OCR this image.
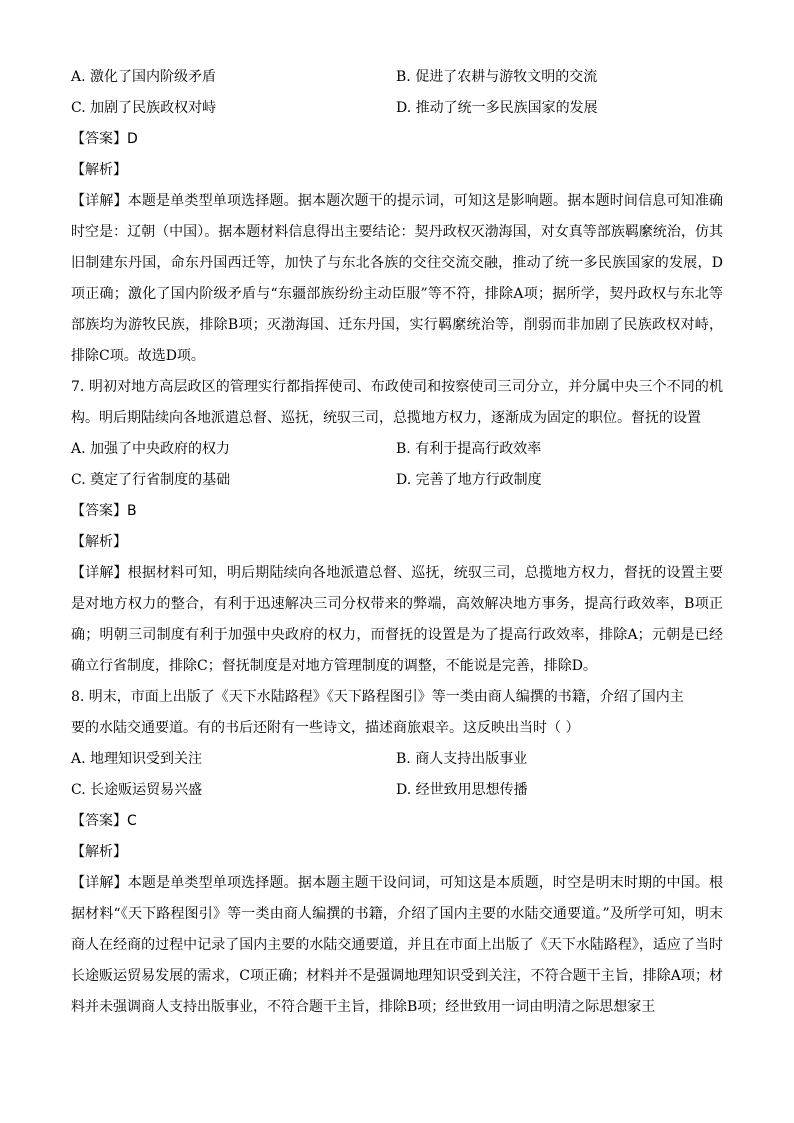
A. 激化了国内阶级矛盾	B. 促进了农耕与游牧文明的交流
C. 加剧了民族政权对峙	D. 推动了统一多民族国家的发展
【答案】D
【解析】
【详解】本题是单类型单项选择题。据本题次题干的提示词，可知这是影响题。据本题时间信息可知准确时空是：辽朝（中国）。据本题材料信息得出主要结论：契丹政权灭渤海国，对女真等部族羁縻统治，仿其旧制建东丹国，命东丹国西迁等，加快了与东北各族的交往交流交融，推动了统一多民族国家的发展，D项正确；激化了国内阶级矛盾与“东疆部族纷纷主动臣服”等不符，排除A项；据所学，契丹政权与东北等部族均为游牧民族，排除B项；灭渤海国、迁东丹国，实行羁縻统治等，削弱而非加剧了民族政权对峙，排除C项。故选D项。
7. 明初对地方高层政区的管理实行都指挥使司、布政使司和按察使司三司分立，并分属中央三个不同的机构。明后期陆续向各地派遣总督、巡抚，统驭三司，总揽地方权力，逐渐成为固定的职位。督抚的设置
A. 加强了中央政府的权力	B. 有利于提高行政效率
C. 奠定了行省制度的基础	D. 完善了地方行政制度
【答案】B
【解析】
【详解】根据材料可知，明后期陆续向各地派遣总督、巡抚，统驭三司，总揽地方权力，督抚的设置主要是对地方权力的整合，有利于迅速解决三司分权带来的弊端，高效解决地方事务，提高行政效率，B项正确；明朝三司制度有利于加强中央政府的权力，而督抚的设置是为了提高行政效率，排除A；元朝是已经确立行省制度，排除C；督抚制度是对地方管理制度的调整，不能说是完善，排除D。
8. 明末，市面上出版了《天下水陆路程》《天下路程图引》等一类由商人编撰的书籍，介绍了国内主
要的水陆交通要道。有的书后还附有一些诗文，描述商旅艰辛。这反映出当时（ ）
A. 地理知识受到关注	B. 商人支持出版事业
C. 长途贩运贸易兴盛	D. 经世致用思想传播
【答案】C
【解析】
【详解】本题是单类型单项选择题。据本题主题干设问词，可知这是本质题，时空是明末时期的中国。根据材料“《天下路程图引》等一类由商人编撰的书籍，介绍了国内主要的水陆交通要道。”及所学可知，明末商人在经商的过程中记录了国内主要的水陆交通要道，并且在市面上出版了《天下水陆路程》，适应了当时长途贩运贸易发展的需求，C项正确；材料并不是强调地理知识受到关注，不符合题干主旨，排除A项；材料并未强调商人支持出版事业，不符合题干主旨，排除B项；经世致用一词由明清之际思想家王
